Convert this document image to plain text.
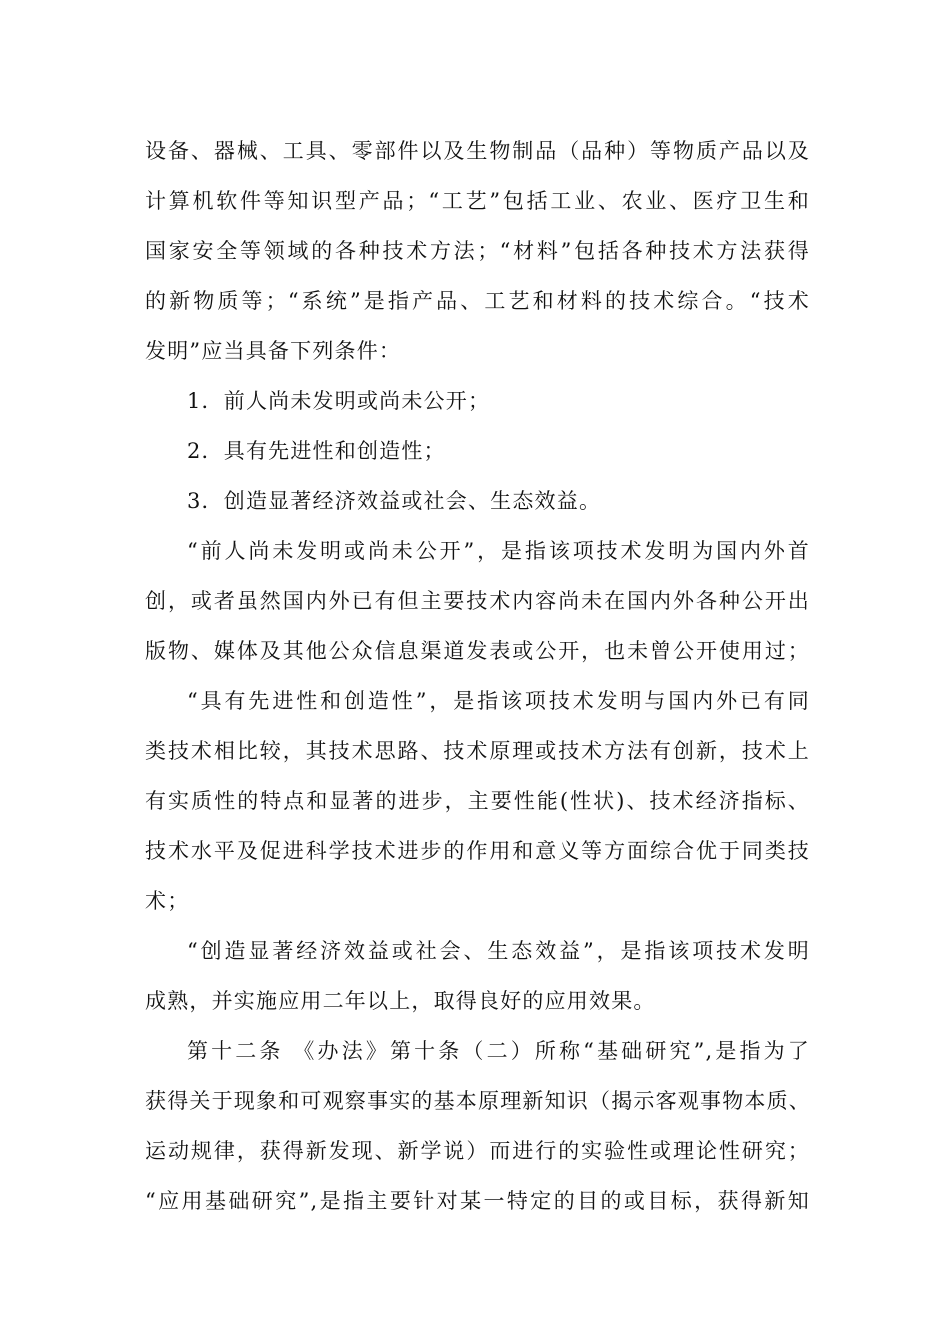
设备、器械、工具、零部件以及生物制品（品种）等物质产品以及
计算机软件等知识型产品；“工艺”包括工业、农业、医疗卫生和
国家安全等领域的各种技术方法；“材料”包括各种技术方法获得
的新物质等；“系统”是指产品、工艺和材料的技术综合。“技术
发明”应当具备下列条件：
1．前人尚未发明或尚未公开；
2．具有先进性和创造性；
3．创造显著经济效益或社会、生态效益。
“前人尚未发明或尚未公开”，是指该项技术发明为国内外首
创，或者虽然国内外已有但主要技术内容尚未在国内外各种公开出
版物、媒体及其他公众信息渠道发表或公开，也未曾公开使用过；
“具有先进性和创造性”，是指该项技术发明与国内外已有同
类技术相比较，其技术思路、技术原理或技术方法有创新，技术上
有实质性的特点和显著的进步，主要性能(性状)、技术经济指标、
技术水平及促进科学技术进步的作用和意义等方面综合优于同类技
术；
“创造显著经济效益或社会、生态效益”，是指该项技术发明
成熟，并实施应用二年以上，取得良好的应用效果。
第十二条 《办法》第十条（二）所称“基础研究”,是指为了
获得关于现象和可观察事实的基本原理新知识（揭示客观事物本质、
运动规律，获得新发现、新学说）而进行的实验性或理论性研究；
“应用基础研究”,是指主要针对某一特定的目的或目标，获得新知
